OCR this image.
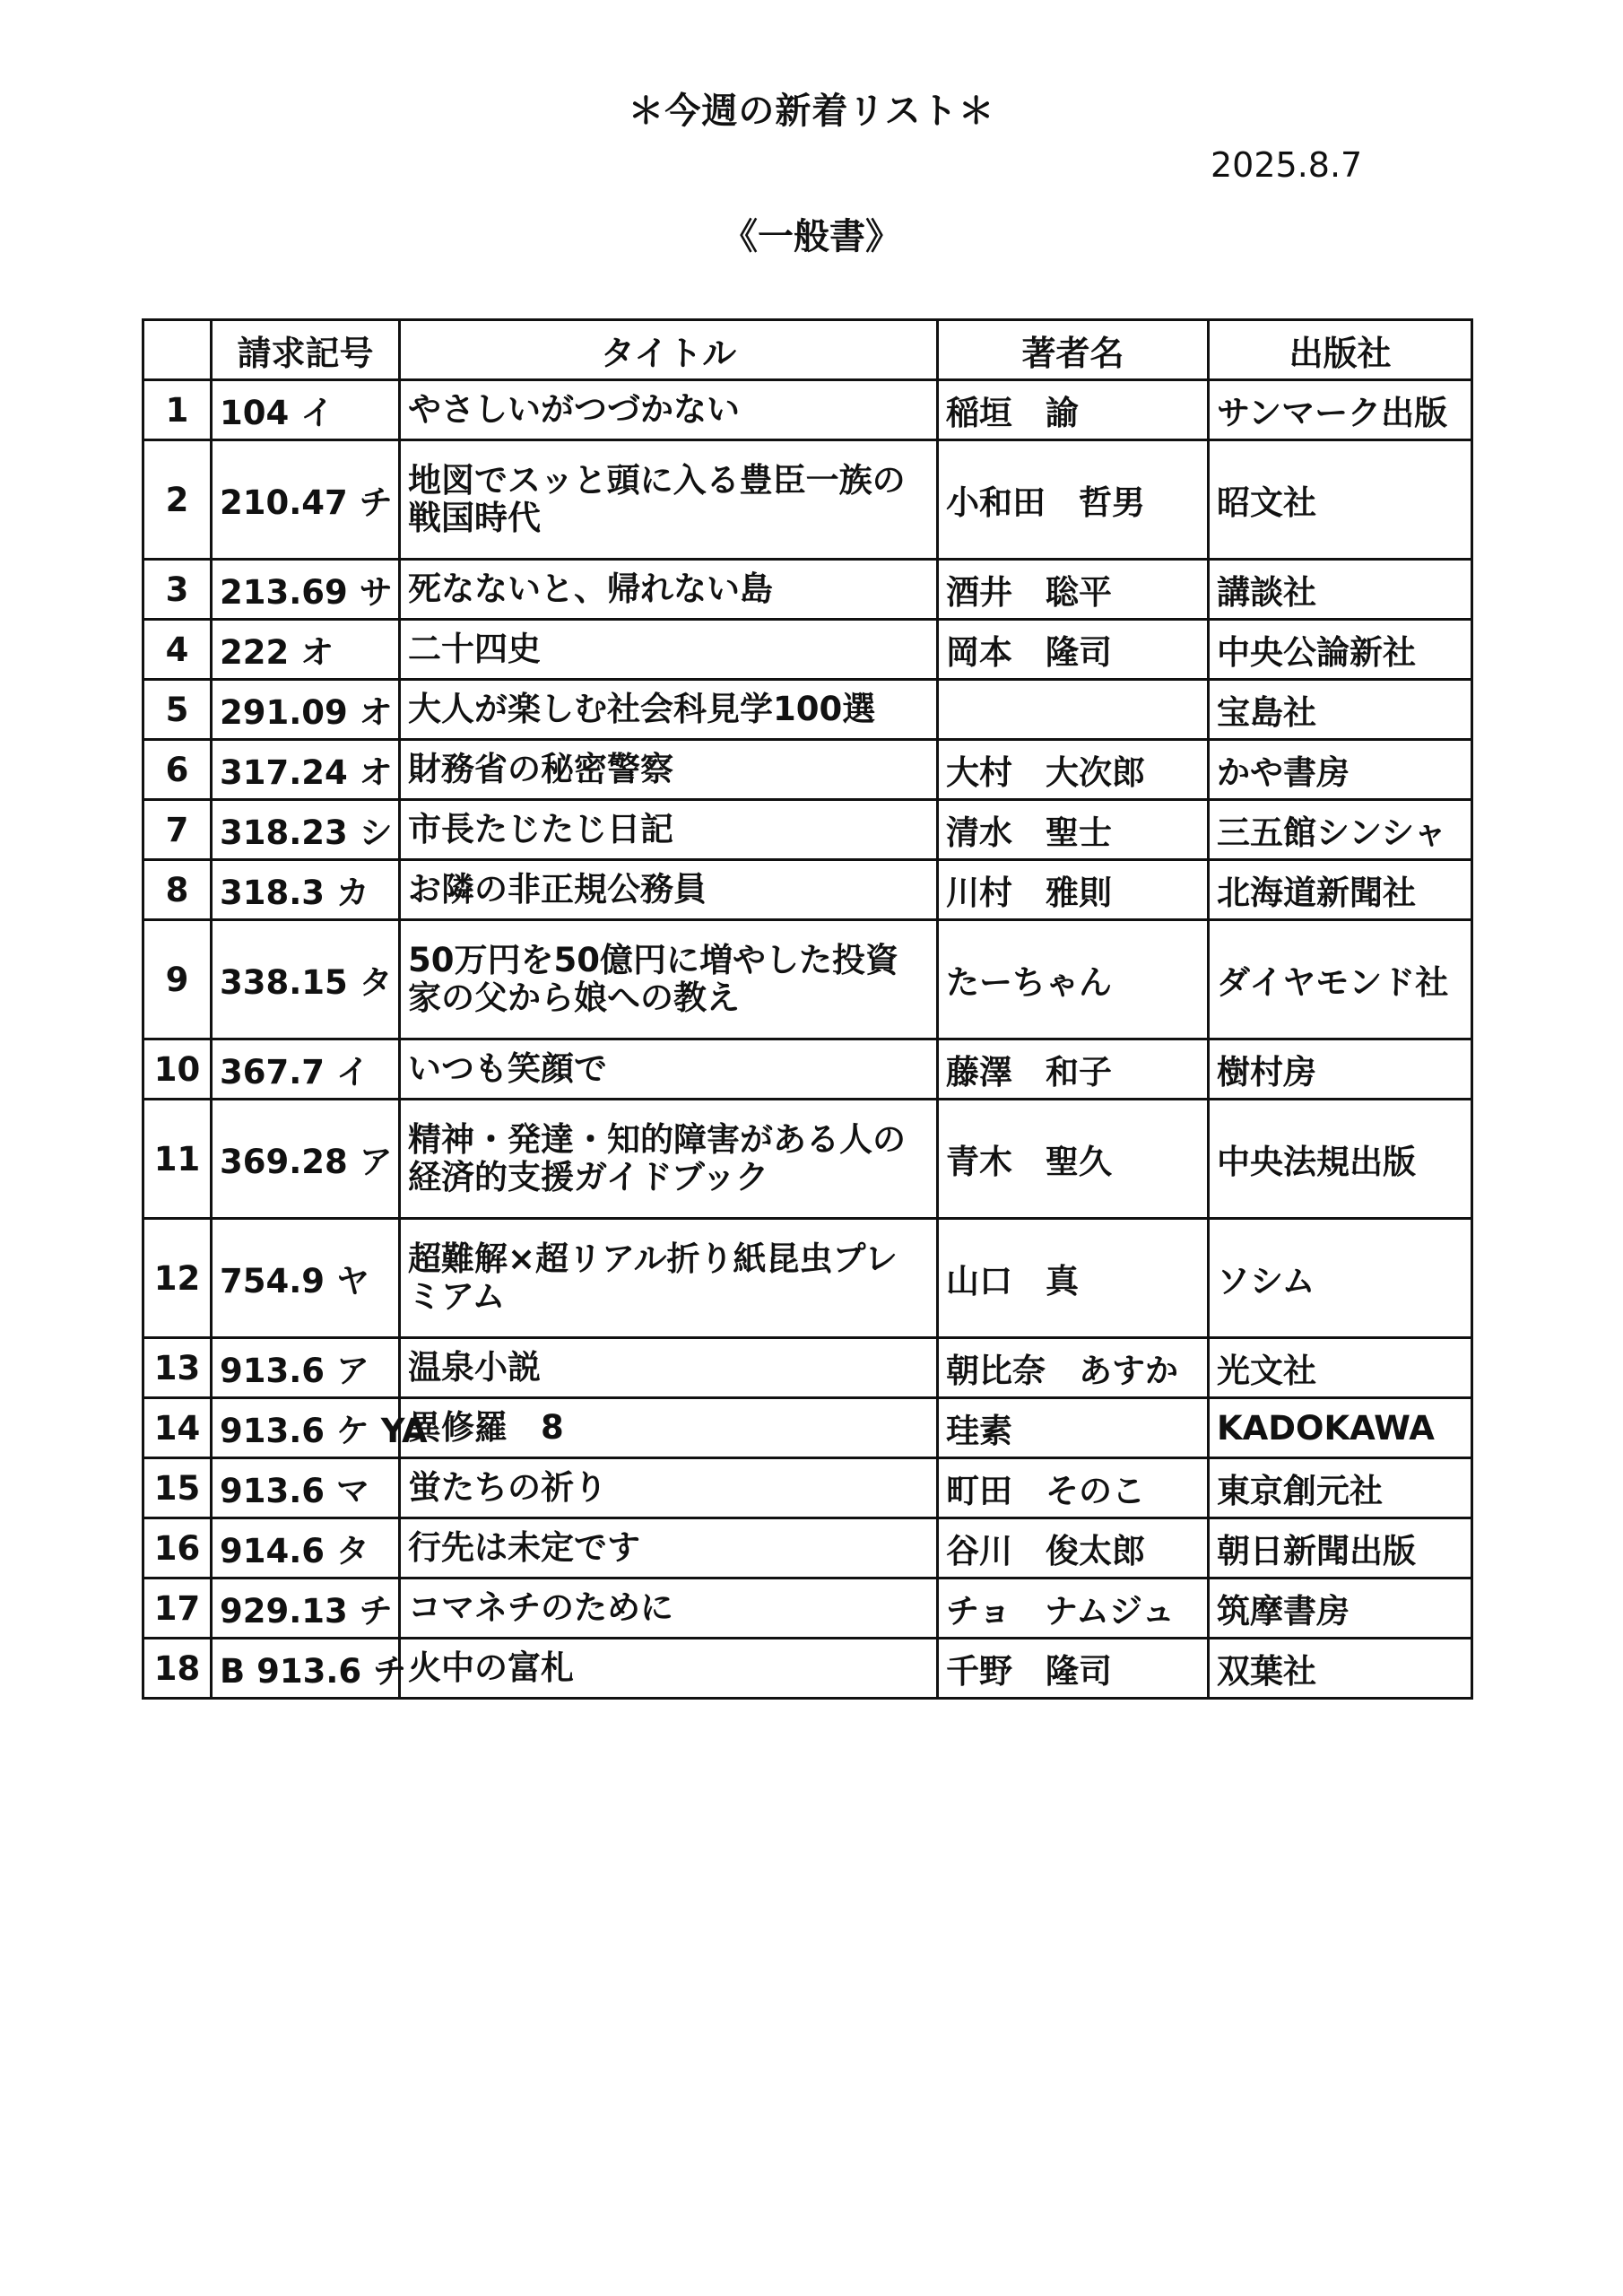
＊今週の新着リスト＊
2025.8.7
《一般書》
	請求記号	タイトル	著者名	出版社
1	104 イ	やさしいがつづかない	稲垣　諭	サンマーク出版
2	210.47 チ	地図でスッと頭に入る豊臣一族の戦国時代	小和田　哲男	昭文社
3	213.69 サ	死なないと、帰れない島	酒井　聡平	講談社
4	222 オ	二十四史	岡本　隆司	中央公論新社
5	291.09 オ	大人が楽しむ社会科見学100選		宝島社
6	317.24 オ	財務省の秘密警察	大村　大次郎	かや書房
7	318.23 シ	市長たじたじ日記	清水　聖士	三五館シンシャ
8	318.3 カ	お隣の非正規公務員	川村　雅則	北海道新聞社
9	338.15 タ	50万円を50億円に増やした投資家の父から娘への教え	たーちゃん	ダイヤモンド社
10	367.7 イ	いつも笑顔で	藤澤　和子	樹村房
11	369.28 ア	精神・発達・知的障害がある人の経済的支援ガイドブック	青木　聖久	中央法規出版
12	754.9 ヤ	超難解×超リアル折り紙昆虫プレミアム	山口　真	ソシム
13	913.6 ア	温泉小説	朝比奈　あすか	光文社
14	913.6 ケ YA	異修羅　8	珪素	KADOKAWA
15	913.6 マ	蛍たちの祈り	町田　そのこ	東京創元社
16	914.6 タ	行先は未定です	谷川　俊太郎	朝日新聞出版
17	929.13 チ	コマネチのために	チョ　ナムジュ	筑摩書房
18	B 913.6 チ	火中の富札	千野　隆司	双葉社
